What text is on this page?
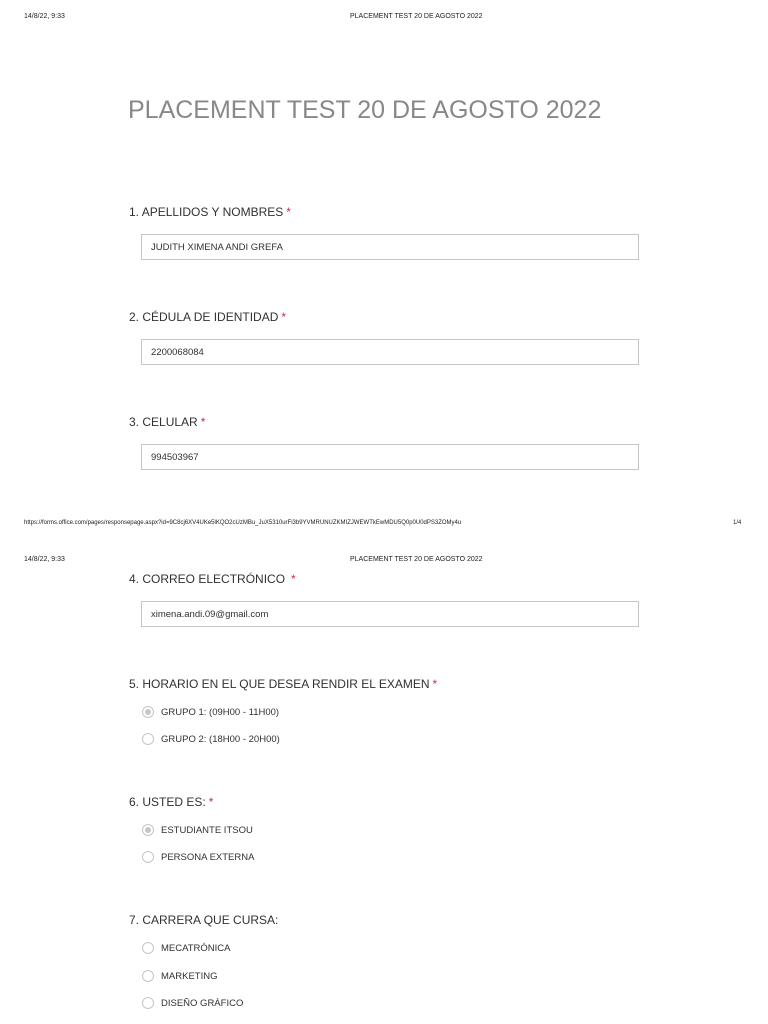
14/8/22, 9:33	PLACEMENT TEST 20 DE AGOSTO 2022
PLACEMENT TEST 20 DE AGOSTO 2022
1. APELLIDOS Y NOMBRES *
JUDITH XIMENA ANDI GREFA
2. CÉDULA DE IDENTIDAD *
2200068084
3. CELULAR *
994503967
https://forms.office.com/pages/responsepage.aspx?id=9C8cj6XV4UKe5lKQO2cUzMBu_JuX5310urFi3b9YVMRUNUZKMIZJWEWTkEwMDU5Q0p0U0dPS3ZOMy4u	1/4
14/8/22, 9:33	PLACEMENT TEST 20 DE AGOSTO 2022
4. CORREO ELECTRÓNICO *
ximena.andi.09@gmail.com
5. HORARIO EN EL QUE DESEA RENDIR EL EXAMEN *
GRUPO 1: (09H00 - 11H00)
GRUPO 2: (18H00 - 20H00)
6. USTED ES: *
ESTUDIANTE ITSOU
PERSONA EXTERNA
7. CARRERA QUE CURSA:
MECATRÓNICA
MARKETING
DISEÑO GRÁFICO
